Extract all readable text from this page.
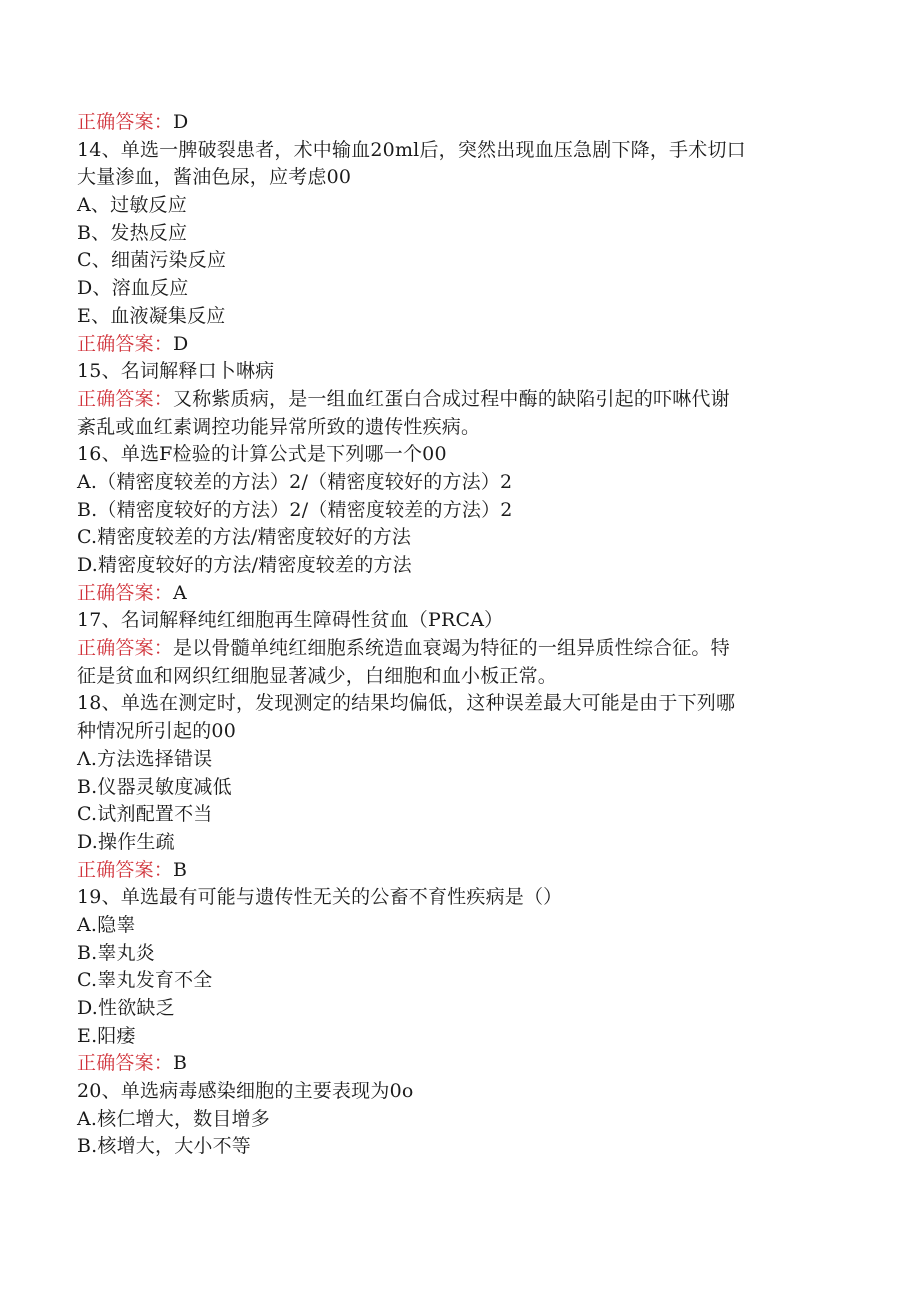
正确答案：D
14、单选一脾破裂患者，术中输血20ml后，突然出现血压急剧下降，手术切口
大量渗血，酱油色尿，应考虑00
A、过敏反应
B、发热反应
C、细菌污染反应
D、溶血反应
E、血液凝集反应
正确答案：D
15、名词解释口卜啉病
正确答案：又称紫质病，是一组血红蛋白合成过程中酶的缺陷引起的吓啉代谢
紊乱或血红素调控功能异常所致的遗传性疾病。
16、单选F检验的计算公式是下列哪一个00
A.（精密度较差的方法）2/（精密度较好的方法）2
B.（精密度较好的方法）2/（精密度较差的方法）2
C.精密度较差的方法/精密度较好的方法
D.精密度较好的方法/精密度较差的方法
正确答案：A
17、名词解释纯红细胞再生障碍性贫血（PRCA）
正确答案：是以骨髓单纯红细胞系统造血衰竭为特征的一组异质性综合征。特
征是贫血和网织红细胞显著减少，白细胞和血小板正常。
18、单选在测定时，发现测定的结果均偏低，这种误差最大可能是由于下列哪
种情况所引起的00
Λ.方法选择错误
B.仪器灵敏度减低
C.试剂配置不当
D.操作生疏
正确答案：B
19、单选最有可能与遗传性无关的公畜不育性疾病是（）
A.隐睾
B.睾丸炎
C.睾丸发育不全
D.性欲缺乏
E.阳痿
正确答案：B
20、单选病毒感染细胞的主要表现为0o
A.核仁增大，数目增多
B.核增大，大小不等
